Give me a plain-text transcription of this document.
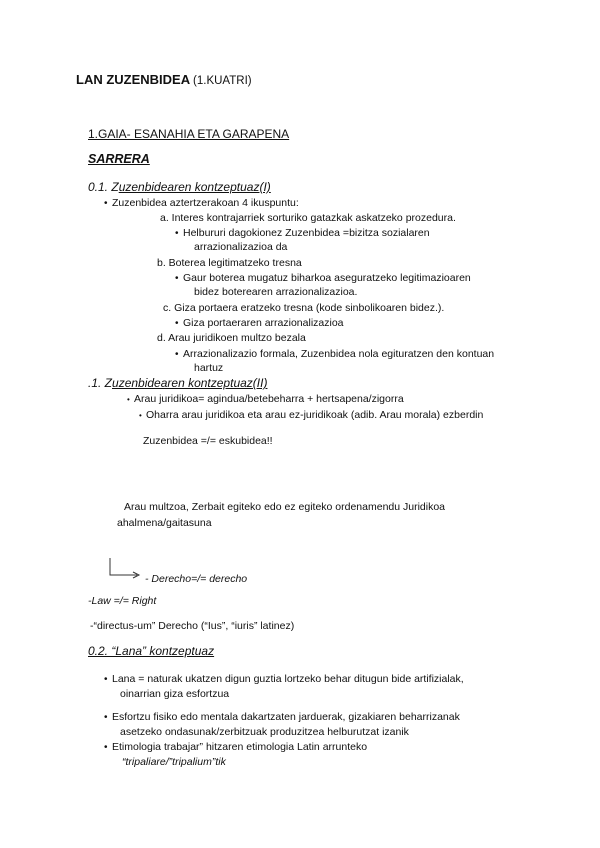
LAN ZUZENBIDEA (1.KUATRI)
1.GAIA- ESANAHIA ETA GARAPENA
SARRERA
0.1. Zuzenbidearen kontzeptuaz(I)
• Zuzenbidea aztertzerakoan 4 ikuspuntu:
a. Interes kontrajarriek sorturiko gatazkak askatzeko prozedura.
• Helbururi dagokionez Zuzenbidea =bizitza sozialaren
arrazionalizazioa da
b. Boterea legitimatzeko tresna
• Gaur boterea mugatuz biharkoa aseguratzeko legitimazioaren
bidez boterearen arrazionalizazioa.
c. Giza portaera eratzeko tresna (kode sinbolikoaren bidez.).
• Giza portaeraren arrazionalizazioa
d. Arau juridikoen multzo bezala
• Arrazionalizazio formala, Zuzenbidea nola egituratzen den kontuan
hartuz
.1. Zuzenbidearen kontzeptuaz(II)
• Arau juridikoa= agindua/betebeharra + hertsapena/zigorra
• Oharra arau juridikoa eta arau ez-juridikoak (adib. Arau morala) ezberdin
Zuzenbidea =/= eskubidea!!
Arau multzoa, Zerbait egiteko edo ez egiteko ordenamendu Juridikoa
ahalmena/gaitasuna
- Derecho=/= derecho
-Law =/= Right
-“directus-um” Derecho (“Ius”, “iuris” latinez)
0.2. “Lana” kontzeptuaz
• Lana = naturak ukatzen digun guztia lortzeko behar ditugun bide artifizialak,
oinarrian giza esfortzua
• Esfortzu fisiko edo mentala dakartzaten jarduerak, gizakiaren beharrizanak
asetzeko ondasunak/zerbitzuak produzitzea helburutzat izanik
• Etimologia trabajar” hitzaren etimologia Latin arrunteko
“tripaliare/”tripalium”tik
